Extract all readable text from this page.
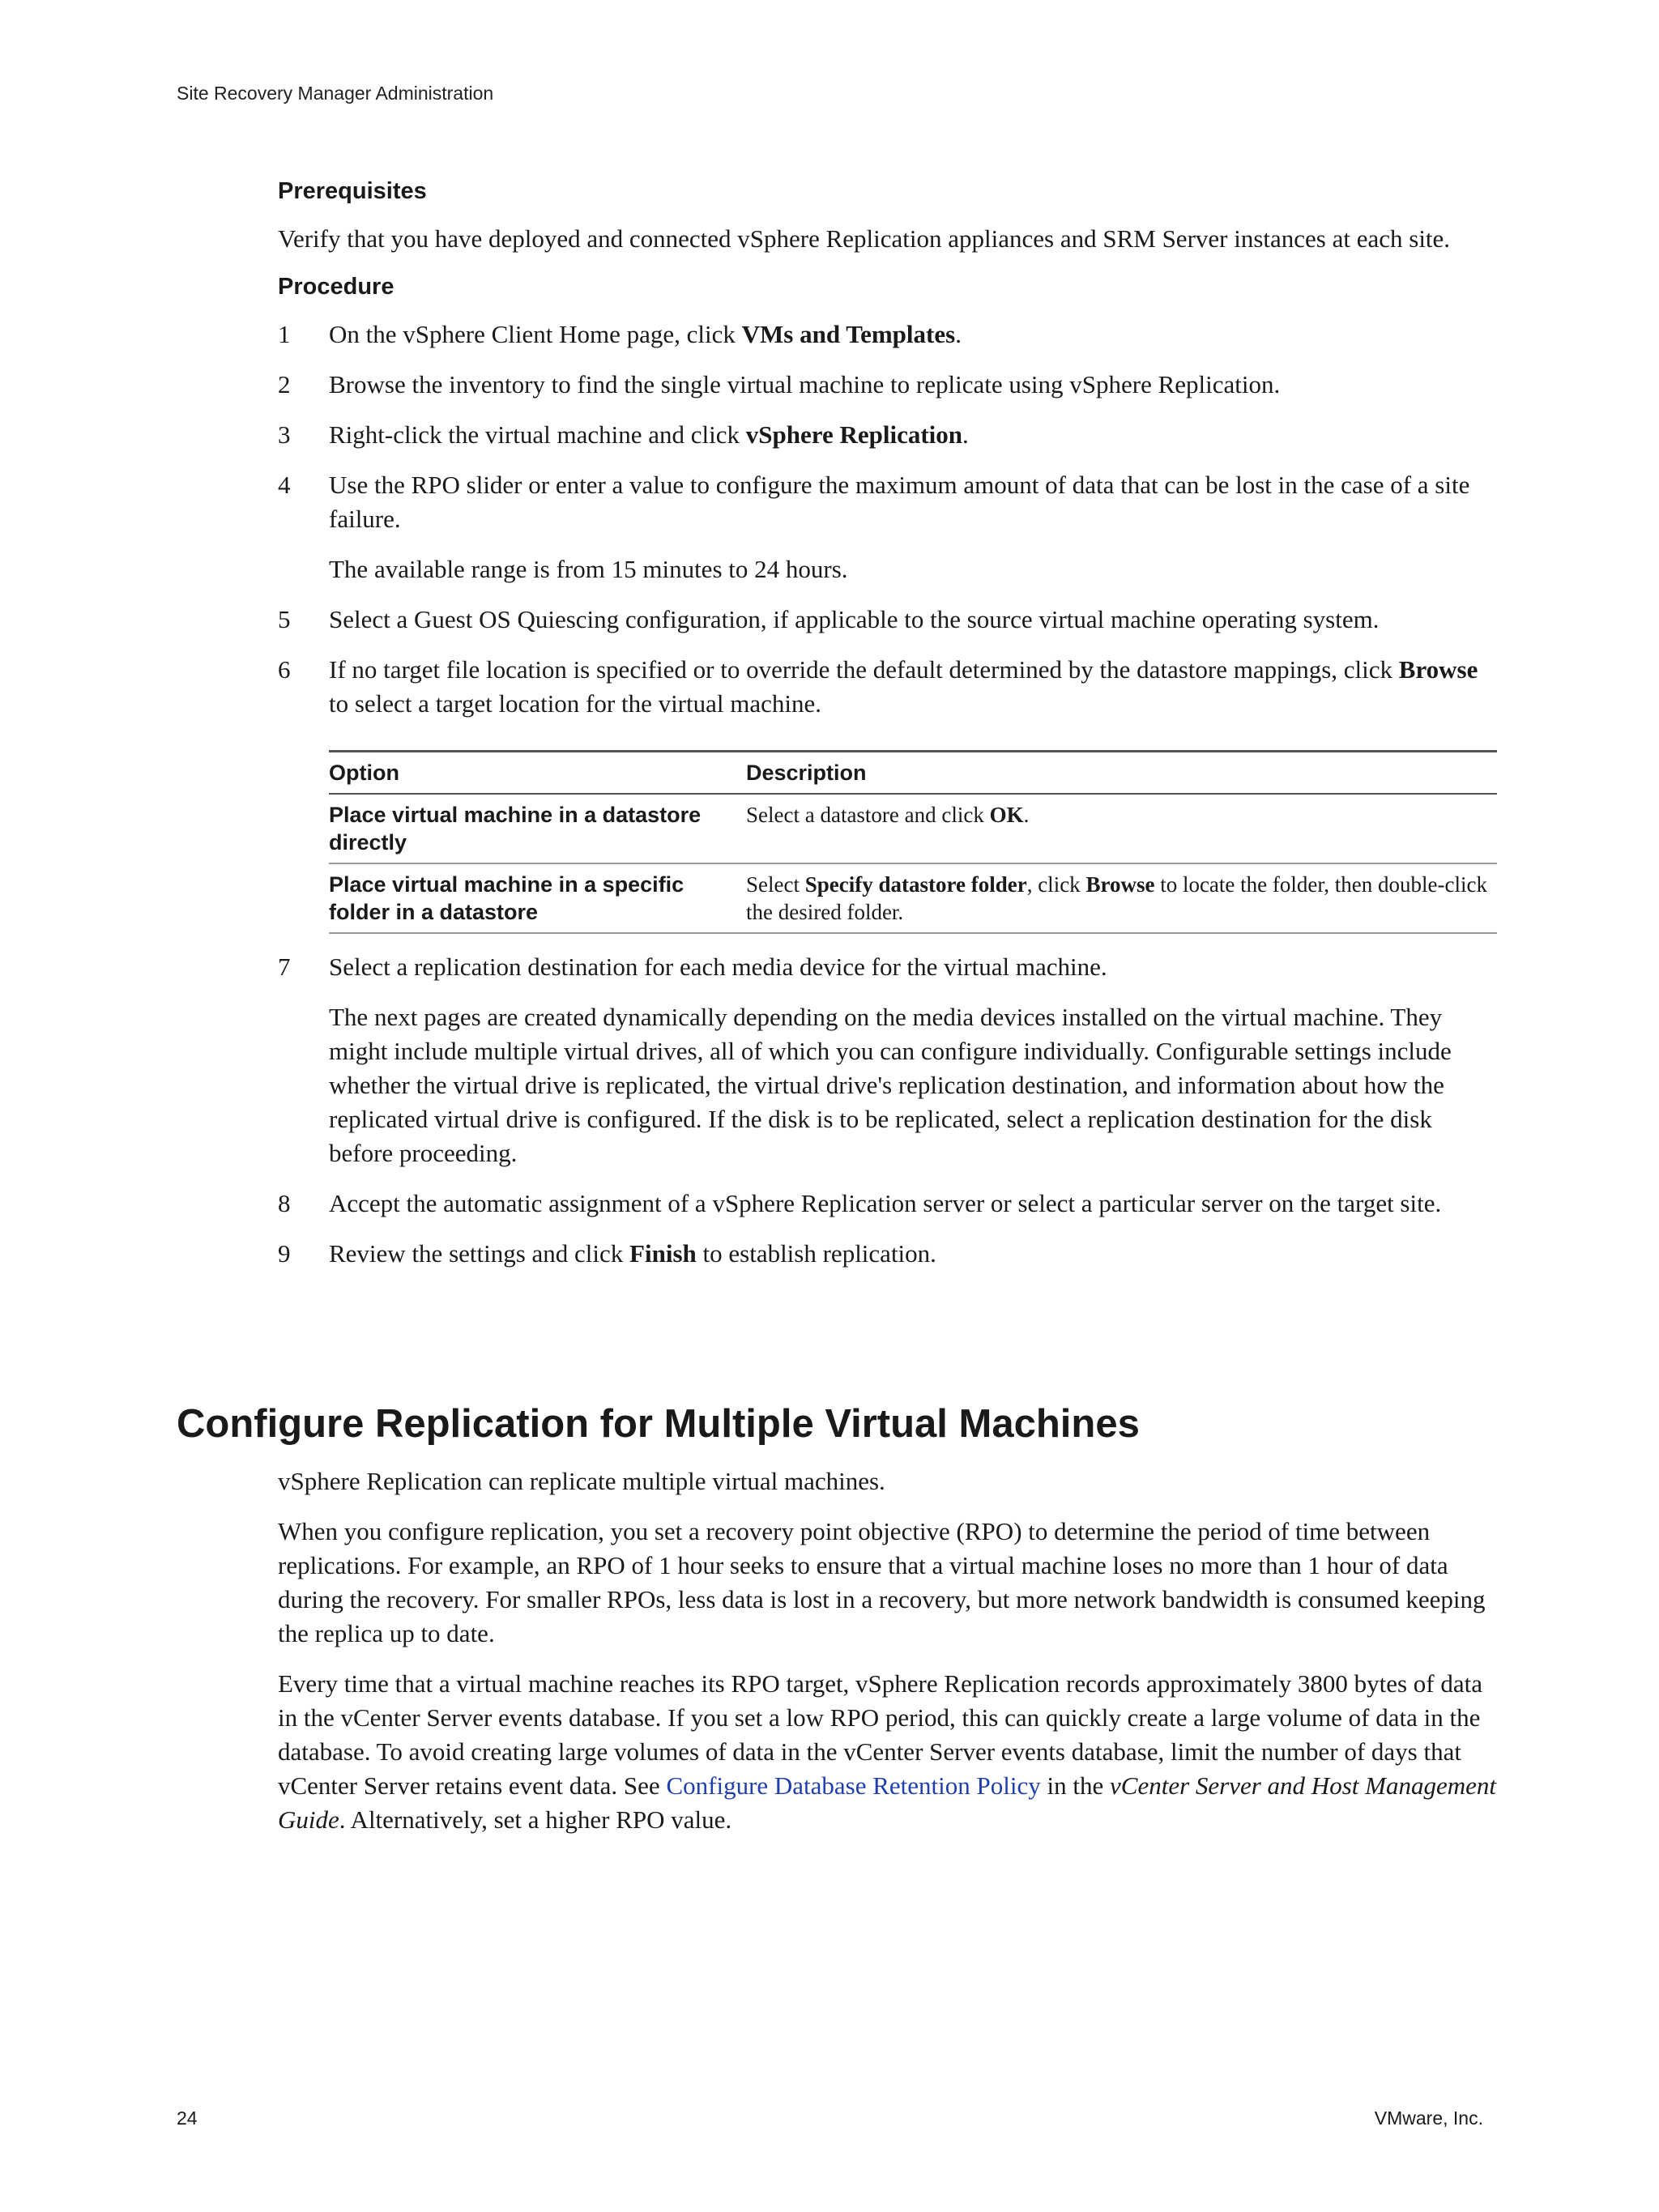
Site Recovery Manager Administration
Prerequisites

Verify that you have deployed and connected vSphere Replication appliances and SRM Server instances at each site.

Procedure
1 On the vSphere Client Home page, click VMs and Templates.

2 Browse the inventory to find the single virtual machine to replicate using vSphere Replication.

3 Right-click the virtual machine and click vSphere Replication.

4 Use the RPO slider or enter a value to configure the maximum amount of data that can be lost in the case of a site failure.

The available range is from 15 minutes to 24 hours.

5 Select a Guest OS Quiescing configuration, if applicable to the source virtual machine operating system.

6 If no target file location is specified or to override the default determined by the datastore mappings, click Browse to select a target location for the virtual machine.

Option	Description
Place virtual machine in a datastore directly	Select a datastore and click OK.
Place virtual machine in a specific folder in a datastore	Select Specify datastore folder, click Browse to locate the folder, then double-click the desired folder.
7 Select a replication destination for each media device for the virtual machine.

The next pages are created dynamically depending on the media devices installed on the virtual machine. They might include multiple virtual drives, all of which you can configure individually. Configurable settings include whether the virtual drive is replicated, the virtual drive's replication destination, and information about how the replicated virtual drive is configured. If the disk is to be replicated, select a replication destination for the disk before proceeding.

8 Accept the automatic assignment of a vSphere Replication server or select a particular server on the target site.

9 Review the settings and click Finish to establish replication.

Configure Replication for Multiple Virtual Machines

vSphere Replication can replicate multiple virtual machines.

When you configure replication, you set a recovery point objective (RPO) to determine the period of time between replications. For example, an RPO of 1 hour seeks to ensure that a virtual machine loses no more than 1 hour of data during the recovery. For smaller RPOs, less data is lost in a recovery, but more network bandwidth is consumed keeping the replica up to date.

Every time that a virtual machine reaches its RPO target, vSphere Replication records approximately 3800 bytes of data in the vCenter Server events database. If you set a low RPO period, this can quickly create a large volume of data in the database. To avoid creating large volumes of data in the vCenter Server events database, limit the number of days that vCenter Server retains event data. See Configure Database Retention Policy in the vCenter Server and Host Management Guide. Alternatively, set a higher RPO value.

24	VMware, Inc.
